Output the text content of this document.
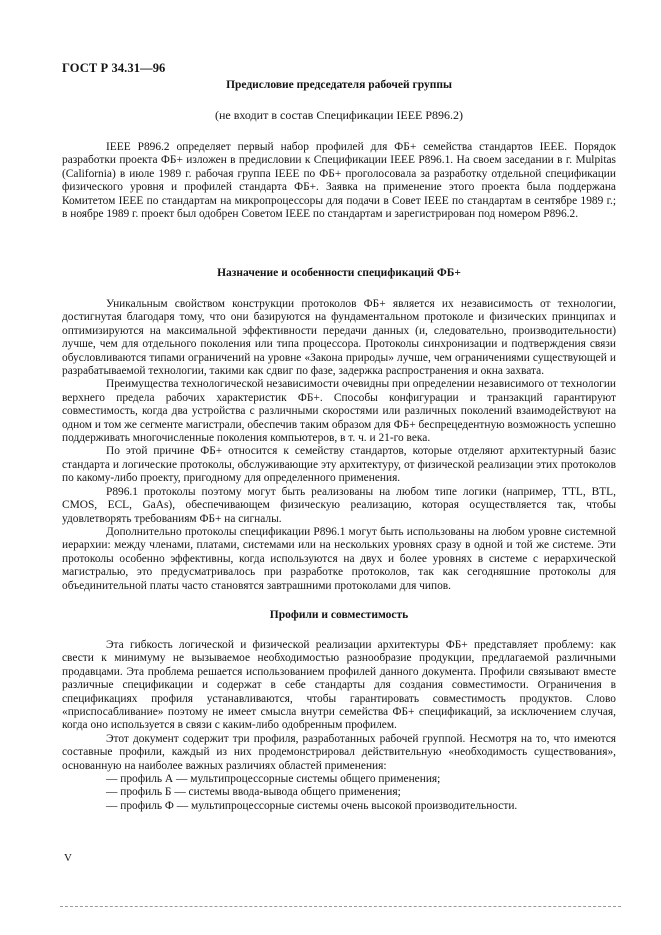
ГОСТ Р 34.31—96
Предисловие председателя рабочей группы
(не входит в состав Спецификации IEEE P896.2)

IEEE P896.2 определяет первый набор профилей для ФБ+ семейства стандартов IEEE. Порядок разработки проекта ФБ+ изложен в предисловии к Спецификации IEEE P896.1. На своем заседании в г. Mulpitas (California) в июле 1989 г. рабочая группа IEEE по ФБ+ проголосовала за разработку отдельной спецификации физического уровня и профилей стандарта ФБ+. Заявка на применение этого проекта была поддержана Комитетом IEEE по стандартам на микропроцессоры для подачи в Совет IEEE по стандартам в сентябре 1989 г.; в ноябре 1989 г. проект был одобрен Советом IEEE по стандартам и зарегистрирован под номером P896.2.

Назначение и особенности спецификаций ФБ+

Уникальным свойством конструкции протоколов ФБ+ является их независимость от технологии, достигнутая благодаря тому, что они базируются на фундаментальном протоколе и физических принципах и оптимизируются на максимальной эффективности передачи данных (и, следовательно, производительности) лучше, чем для отдельного поколения или типа процессора. Протоколы синхронизации и подтверждения связи обусловливаются типами ограничений на уровне «Закона природы» лучше, чем ограничениями существующей и разрабатываемой технологии, такими как сдвиг по фазе, задержка распространения и окна захвата.

Преимущества технологической независимости очевидны при определении независимого от технологии верхнего предела рабочих характеристик ФБ+. Способы конфигурации и транзакций гарантируют совместимость, когда два устройства с различными скоростями или различных поколений взаимодействуют на одном и том же сегменте магистрали, обеспечив таким образом для ФБ+ беспрецедентную возможность успешно поддерживать многочисленные поколения компьютеров, в т. ч. и 21-го века.

По этой причине ФБ+ относится к семейству стандартов, которые отделяют архитектурный базис стандарта и логические протоколы, обслуживающие эту архитектуру, от физической реализации этих протоколов по какому-либо проекту, пригодному для определенного применения.

P896.1 протоколы поэтому могут быть реализованы на любом типе логики (например, TTL, BTL, CMOS, ECL, GaAs), обеспечивающем физическую реализацию, которая осуществляется так, чтобы удовлетворять требованиям ФБ+ на сигналы.

Дополнительно протоколы спецификации P896.1 могут быть использованы на любом уровне системной иерархии: между членами, платами, системами или на нескольких уровнях сразу в одной и той же системе. Эти протоколы особенно эффективны, когда используются на двух и более уровнях в системе с иерархической магистралью, это предусматривалось при разработке протоколов, так как сегодняшние протоколы для объединительной платы часто становятся завтрашними протоколами для чипов.

Профили и совместимость

Эта гибкость логической и физической реализации архитектуры ФБ+ представляет проблему: как свести к минимуму не вызываемое необходимостью разнообразие продукции, предлагаемой различными продавцами. Эта проблема решается использованием профилей данного документа. Профили связывают вместе различные спецификации и содержат в себе стандарты для создания совместимости. Ограничения в спецификациях профиля устанавливаются, чтобы гарантировать совместимость продуктов. Слово «приспосабливание» поэтому не имеет смысла внутри семейства ФБ+ спецификаций, за исключением случая, когда оно используется в связи с каким-либо одобренным профилем.

Этот документ содержит три профиля, разработанных рабочей группой. Несмотря на то, что имеются составные профили, каждый из них продемонстрировал действительную «необходимость существования», основанную на наиболее важных различиях областей применения:

— профиль А — мультипроцессорные системы общего применения;
— профиль Б — системы ввода-вывода общего применения;
— профиль Ф — мультипроцессорные системы очень высокой производительности.
V
